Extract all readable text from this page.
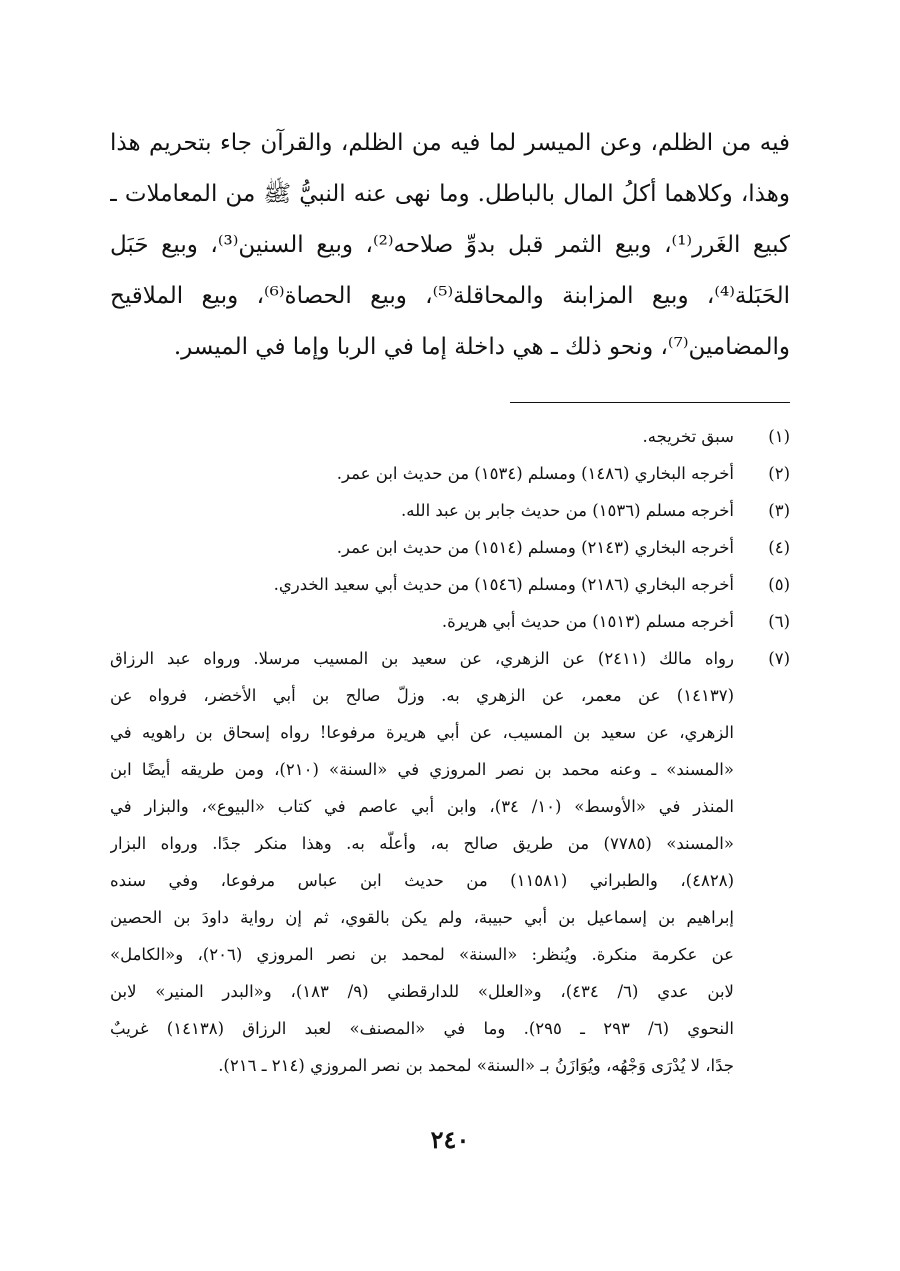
فيه من الظلم، وعن الميسر لما فيه من الظلم، والقرآن جاء بتحريم هذا
وهذا، وكلاهما أكلُ المال بالباطل. وما نهى عنه النبيُّ ﷺ من المعاملات ـ
كبيع الغَرر⁽¹⁾، وبيع الثمر قبل بدوِّ صلاحه⁽²⁾، وبيع السنين⁽³⁾، وبيع حَبَل
الحَبَلة⁽⁴⁾، وبيع المزابنة والمحاقلة⁽⁵⁾، وبيع الحصاة⁽⁶⁾، وبيع الملاقيح
والمضامين⁽⁷⁾، ونحو ذلك ـ هي داخلة إما في الربا وإما في الميسر.

(١)
سبق تخريجه.
(٢)
أخرجه البخاري (١٤٨٦) ومسلم (١٥٣٤) من حديث ابن عمر.
(٣)
أخرجه مسلم (١٥٣٦) من حديث جابر بن عبد الله.
(٤)
أخرجه البخاري (٢١٤٣) ومسلم (١٥١٤) من حديث ابن عمر.
(٥)
أخرجه البخاري (٢١٨٦) ومسلم (١٥٤٦) من حديث أبي سعيد الخدري.
(٦)
أخرجه مسلم (١٥١٣) من حديث أبي هريرة.
(٧)
رواه مالك (٢٤١١) عن الزهري، عن سعيد بن المسيب مرسلا. ورواه عبد الرزاق
(١٤١٣٧) عن معمر، عن الزهري به. وزلّ صالح بن أبي الأخضر، فرواه عن
الزهري، عن سعيد بن المسيب، عن أبي هريرة مرفوعا! رواه إسحاق بن راهويه في
«المسند» ـ وعنه محمد بن نصر المروزي في «السنة» (٢١٠)، ومن طريقه أيضًا ابن
المنذر في «الأوسط» (١٠/ ٣٤)، وابن أبي عاصم في كتاب «البيوع»، والبزار في
«المسند» (٧٧٨٥) من طريق صالح به، وأعلّه به. وهذا منكر جدًا. ورواه البزار
(٤٨٢٨)، والطبراني (١١٥٨١) من حديث ابن عباس مرفوعا، وفي سنده
إبراهيم بن إسماعيل بن أبي حبيبة، ولم يكن بالقوي، ثم إن رواية داودَ بن الحصين
عن عكرمة منكرة. ويُنظر: «السنة» لمحمد بن نصر المروزي (٢٠٦)، و«الكامل»
لابن عدي (٦/ ٤٣٤)، و«العلل» للدارقطني (٩/ ١٨٣)، و«البدر المنير» لابن
النحوي (٦/ ٢٩٣ ـ ٢٩٥). وما في «المصنف» لعبد الرزاق (١٤١٣٨) غريبٌ
جدًا، لا يُدْرَى وَجْهُه، ويُوَازَنُ بـ «السنة» لمحمد بن نصر المروزي (٢١٤ ـ ٢١٦).
٢٤٠
